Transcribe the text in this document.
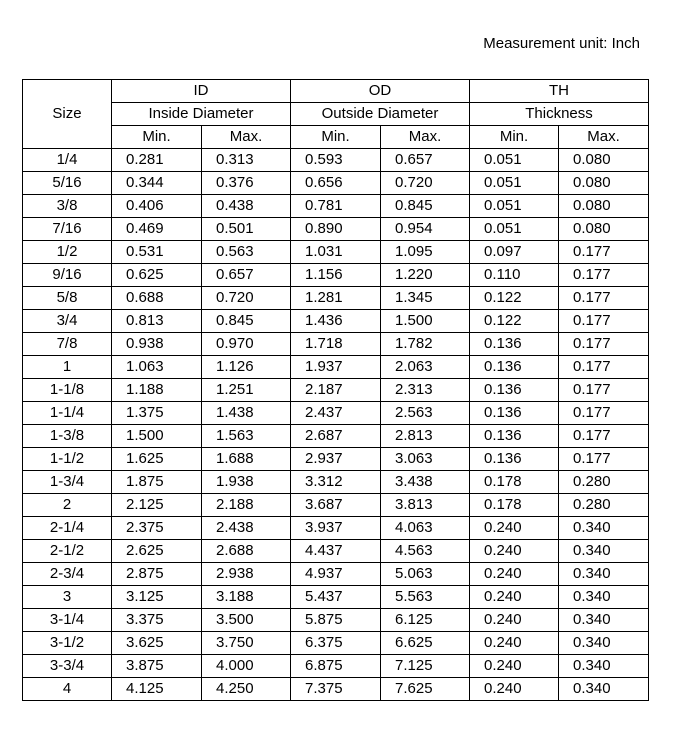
Measurement unit: Inch
Size	ID		OD		TH	
	Inside Diameter		Outside Diameter		Thickness	
	Min.	Max.	Min.	Max.	Min.	Max.
1/4	0.281	0.313	0.593	0.657	0.051	0.080
5/16	0.344	0.376	0.656	0.720	0.051	0.080
3/8	0.406	0.438	0.781	0.845	0.051	0.080
7/16	0.469	0.501	0.890	0.954	0.051	0.080
1/2	0.531	0.563	1.031	1.095	0.097	0.177
9/16	0.625	0.657	1.156	1.220	0.110	0.177
5/8	0.688	0.720	1.281	1.345	0.122	0.177
3/4	0.813	0.845	1.436	1.500	0.122	0.177
7/8	0.938	0.970	1.718	1.782	0.136	0.177
1	1.063	1.126	1.937	2.063	0.136	0.177
1-1/8	1.188	1.251	2.187	2.313	0.136	0.177
1-1/4	1.375	1.438	2.437	2.563	0.136	0.177
1-3/8	1.500	1.563	2.687	2.813	0.136	0.177
1-1/2	1.625	1.688	2.937	3.063	0.136	0.177
1-3/4	1.875	1.938	3.312	3.438	0.178	0.280
2	2.125	2.188	3.687	3.813	0.178	0.280
2-1/4	2.375	2.438	3.937	4.063	0.240	0.340
2-1/2	2.625	2.688	4.437	4.563	0.240	0.340
2-3/4	2.875	2.938	4.937	5.063	0.240	0.340
3	3.125	3.188	5.437	5.563	0.240	0.340
3-1/4	3.375	3.500	5.875	6.125	0.240	0.340
3-1/2	3.625	3.750	6.375	6.625	0.240	0.340
3-3/4	3.875	4.000	6.875	7.125	0.240	0.340
4	4.125	4.250	7.375	7.625	0.240	0.340
